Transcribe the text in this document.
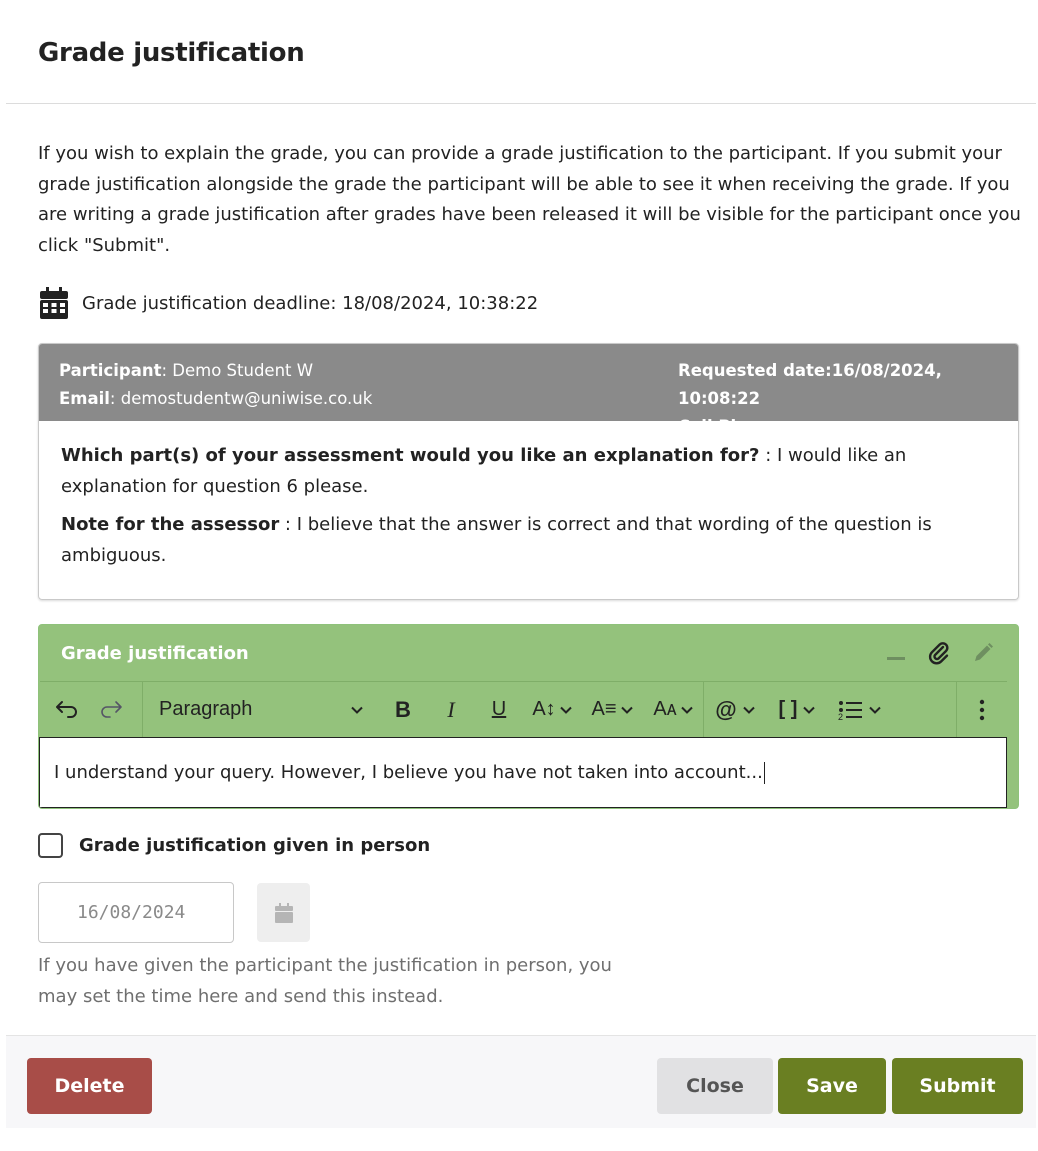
Grade justification

If you wish to explain the grade, you can provide a grade justification to the participant. If you submit your grade justification alongside the grade the participant will be able to see it when receiving the grade. If you are writing a grade justification after grades have been released it will be visible for the participant once you click "Submit".

Grade justification deadline: 18/08/2024, 10:38:22
Participant: Demo Student W
Email: demostudentw@uniwise.co.uk
Requested date:16/08/2024, 10:08:22
Cell Phone:

Which part(s) of your assessment would you like an explanation for? : I would like an explanation for question 6 please.

Note for the assessor : I believe that the answer is correct and that wording of the question is ambiguous.

Grade justification
Paragraph	B	I	U	A↕ A≡ Aᴀ @ [ ]	2
I understand your query. However, I believe you have not taken into account...
Grade justification given in person
16/08/2024

If you have given the participant the justification in person, you may set the time here and send this instead.

Delete	Close	Save	Submit
